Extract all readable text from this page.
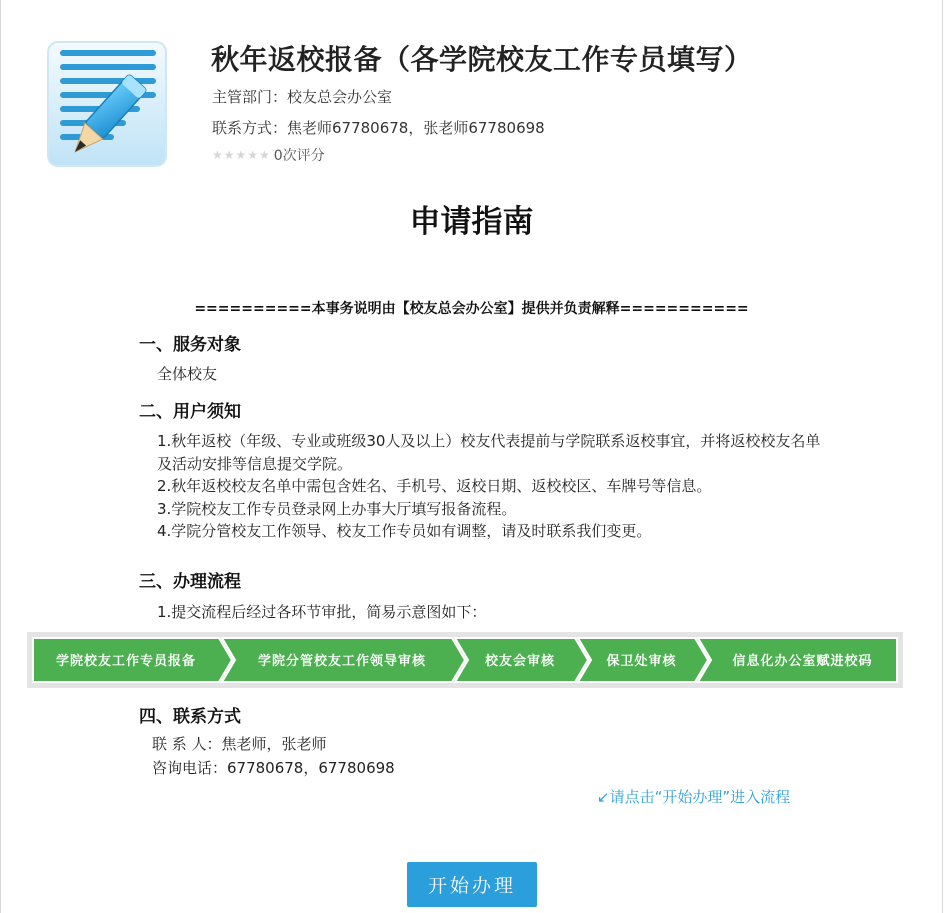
秋年返校报备（各学院校友工作专员填写）
主管部门：校友总会办公室
联系方式：焦老师67780678，张老师67780698
★★★★★ 0次评分
申请指南
==========本事务说明由【校友总会办公室】提供并负责解释===========
一、服务对象
全体校友
二、用户须知
1.秋年返校（年级、专业或班级30人及以上）校友代表提前与学院联系返校事宜，并将返校校友名单及活动安排等信息提交学院。
2.秋年返校校友名单中需包含姓名、手机号、返校日期、返校校区、车牌号等信息。
3.学院校友工作专员登录网上办事大厅填写报备流程。
4.学院分管校友工作领导、校友工作专员如有调整，请及时联系我们变更。
三、办理流程
1.提交流程后经过各环节审批，简易示意图如下：
学院校友工作专员报备	学院分管校友工作领导审核	校友会审核	保卫处审核	信息化办公室赋进校码
四、联系方式
联 系 人：焦老师，张老师
咨询电话：67780678，67780698
↙请点击“开始办理”进入流程
开始办理
